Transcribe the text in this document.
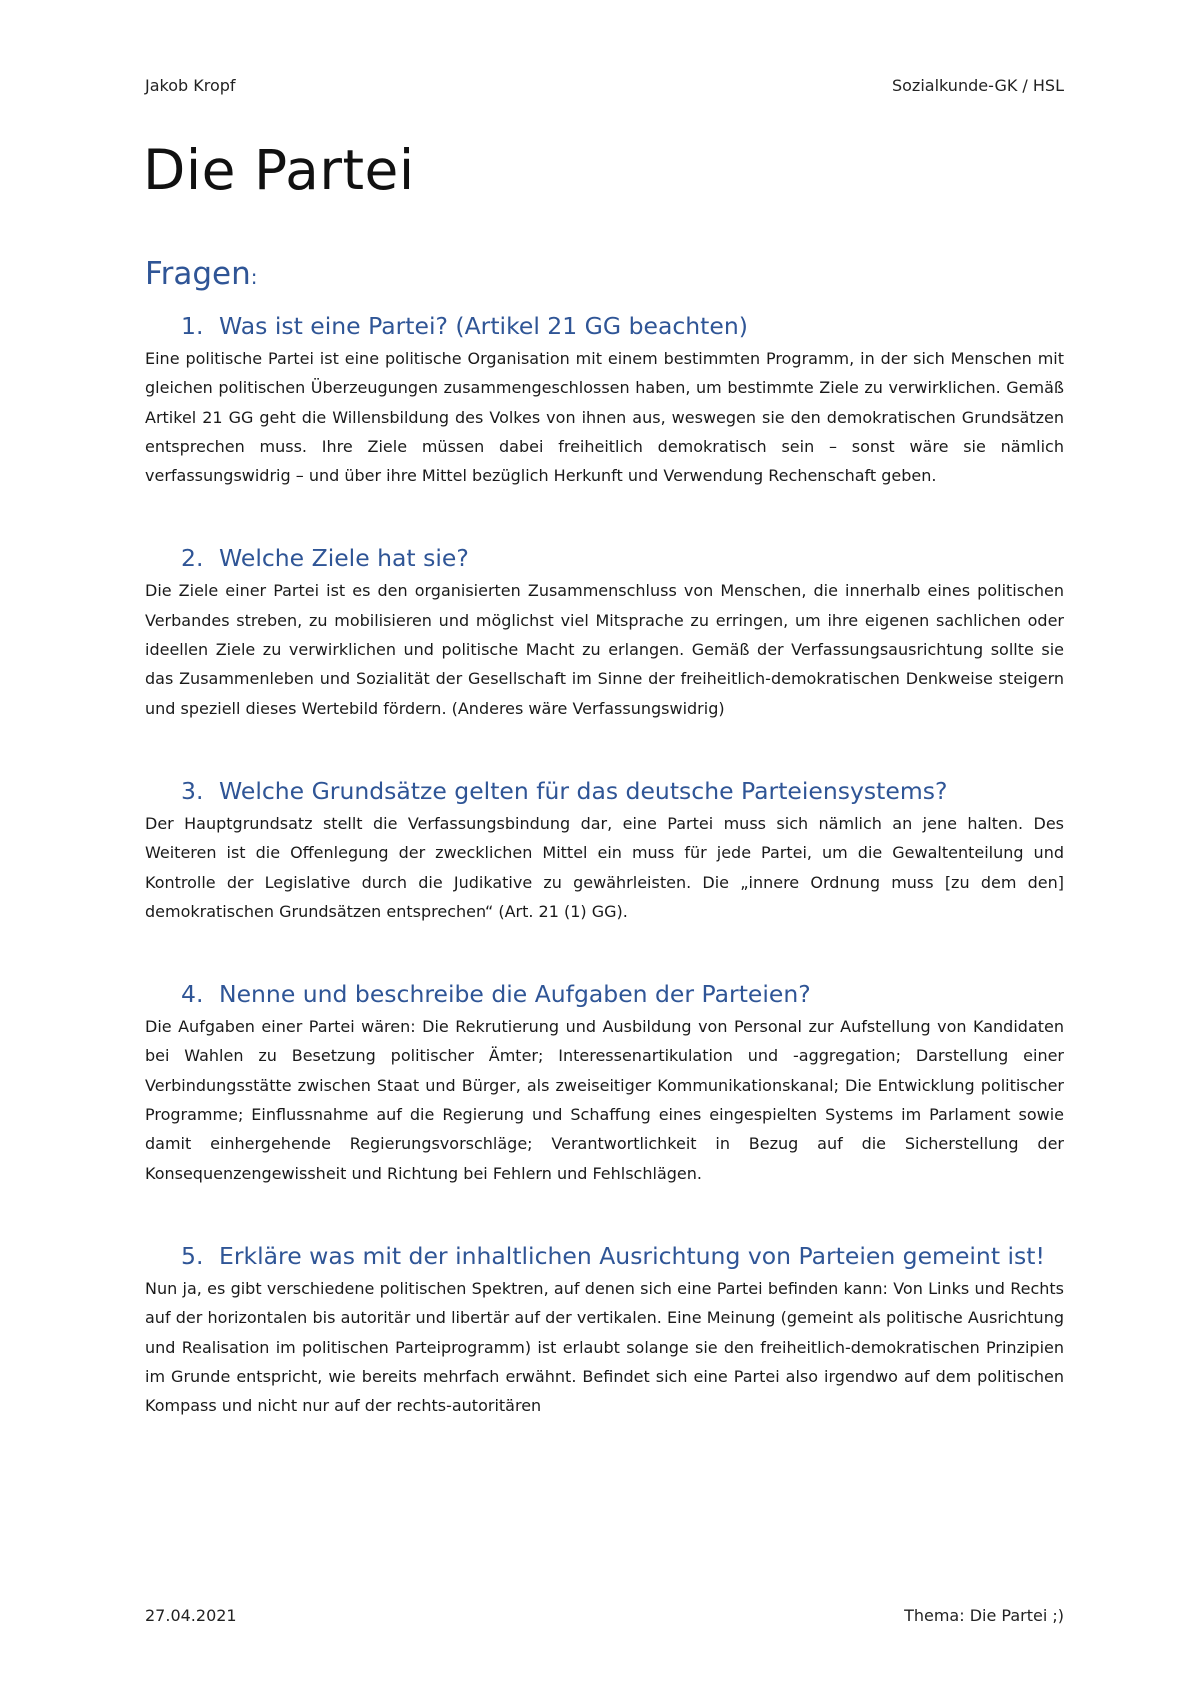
Jakob Kropf	Sozialkunde-GK / HSL
Die Partei
Fragen:
1. Was ist eine Partei? (Artikel 21 GG beachten)

Eine politische Partei ist eine politische Organisation mit einem bestimmten Programm, in der sich Menschen mit gleichen politischen Überzeugungen zusammengeschlossen haben, um bestimmte Ziele zu verwirklichen. Gemäß Artikel 21 GG geht die Willensbildung des Volkes von ihnen aus, weswegen sie den demokratischen Grundsätzen entsprechen muss. Ihre Ziele müssen dabei freiheitlich demokratisch sein – sonst wäre sie nämlich verfassungswidrig – und über ihre Mittel bezüglich Herkunft und Verwendung Rechenschaft geben.

2. Welche Ziele hat sie?

Die Ziele einer Partei ist es den organisierten Zusammenschluss von Menschen, die innerhalb eines politischen Verbandes streben, zu mobilisieren und möglichst viel Mitsprache zu erringen, um ihre eigenen sachlichen oder ideellen Ziele zu verwirklichen und politische Macht zu erlangen. Gemäß der Verfassungsausrichtung sollte sie das Zusammenleben und Sozialität der Gesellschaft im Sinne der freiheitlich-demokratischen Denkweise steigern und speziell dieses Wertebild fördern. (Anderes wäre Verfassungswidrig)

3. Welche Grundsätze gelten für das deutsche Parteiensystems?

Der Hauptgrundsatz stellt die Verfassungsbindung dar, eine Partei muss sich nämlich an jene halten. Des Weiteren ist die Offenlegung der zwecklichen Mittel ein muss für jede Partei, um die Gewaltenteilung und Kontrolle der Legislative durch die Judikative zu gewährleisten. Die „innere Ordnung muss [zu dem den] demokratischen Grundsätzen entsprechen“ (Art. 21 (1) GG).

4. Nenne und beschreibe die Aufgaben der Parteien?

Die Aufgaben einer Partei wären: Die Rekrutierung und Ausbildung von Personal zur Aufstellung von Kandidaten bei Wahlen zu Besetzung politischer Ämter; Interessenartikulation und -aggregation; Darstellung einer Verbindungsstätte zwischen Staat und Bürger, als zweiseitiger Kommunikationskanal; Die Entwicklung politischer Programme; Einflussnahme auf die Regierung und Schaffung eines eingespielten Systems im Parlament sowie damit einhergehende Regierungsvorschläge; Verantwortlichkeit in Bezug auf die Sicherstellung der Konsequenzengewissheit und Richtung bei Fehlern und Fehlschlägen.

5. Erkläre was mit der inhaltlichen Ausrichtung von Parteien gemeint ist!

Nun ja, es gibt verschiedene politischen Spektren, auf denen sich eine Partei befinden kann: Von Links und Rechts auf der horizontalen bis autoritär und libertär auf der vertikalen. Eine Meinung (gemeint als politische Ausrichtung und Realisation im politischen Parteiprogramm) ist erlaubt solange sie den freiheitlich-demokratischen Prinzipien im Grunde entspricht, wie bereits mehrfach erwähnt. Befindet sich eine Partei also irgendwo auf dem politischen Kompass und nicht nur auf der rechts-autoritären

27.04.2021	Thema: Die Partei ;)
